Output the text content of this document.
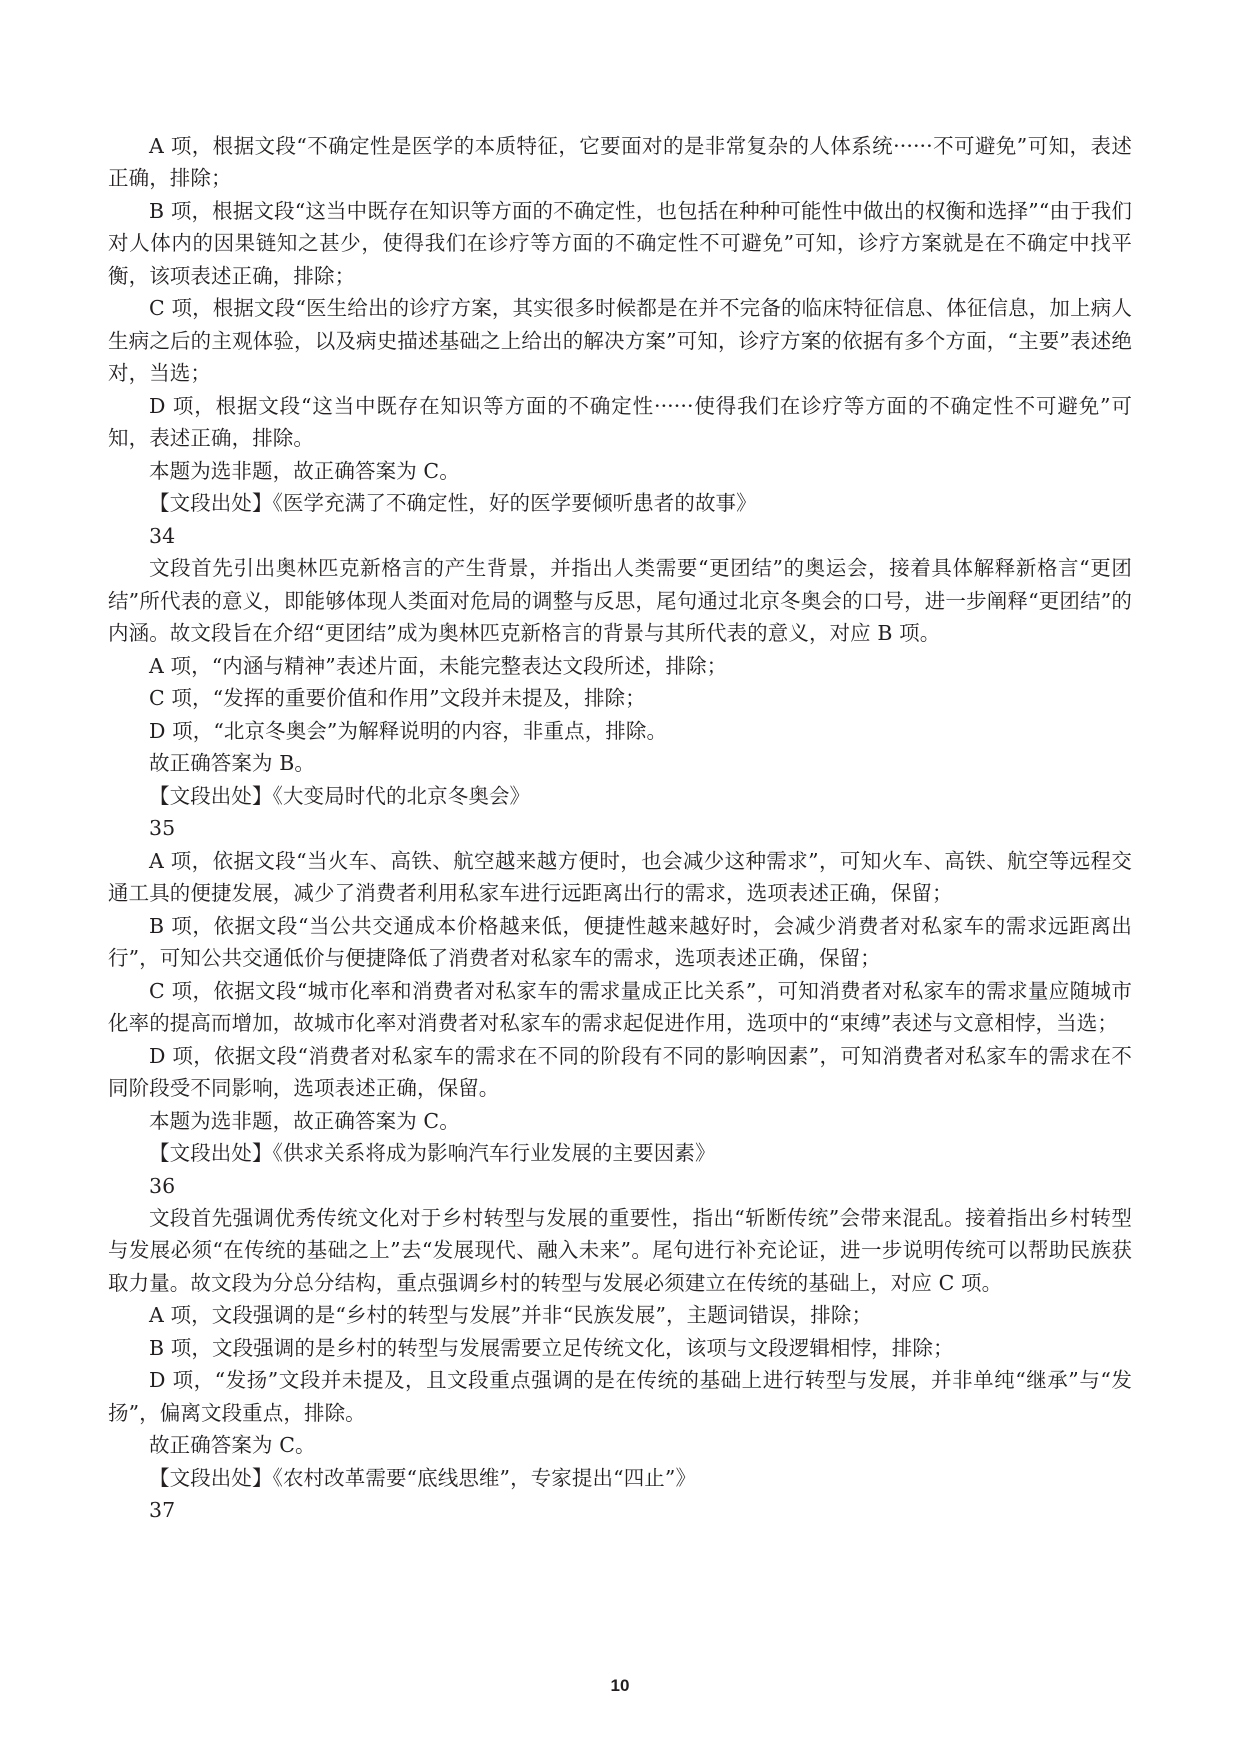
A 项，根据文段“不确定性是医学的本质特征，它要面对的是非常复杂的人体系统······不可避免”可知，表述正确，排除；

B 项，根据文段“这当中既存在知识等方面的不确定性，也包括在种种可能性中做出的权衡和选择”“由于我们对人体内的因果链知之甚少，使得我们在诊疗等方面的不确定性不可避免”可知，诊疗方案就是在不确定中找平衡，该项表述正确，排除；

C 项，根据文段“医生给出的诊疗方案，其实很多时候都是在并不完备的临床特征信息、体征信息，加上病人生病之后的主观体验，以及病史描述基础之上给出的解决方案”可知，诊疗方案的依据有多个方面，“主要”表述绝对，当选；

D 项，根据文段“这当中既存在知识等方面的不确定性······使得我们在诊疗等方面的不确定性不可避免”可知，表述正确，排除。

本题为选非题，故正确答案为 C。

【文段出处】《医学充满了不确定性，好的医学要倾听患者的故事》

34

文段首先引出奥林匹克新格言的产生背景，并指出人类需要“更团结”的奥运会，接着具体解释新格言“更团结”所代表的意义，即能够体现人类面对危局的调整与反思，尾句通过北京冬奥会的口号，进一步阐释“更团结”的内涵。故文段旨在介绍“更团结”成为奥林匹克新格言的背景与其所代表的意义，对应 B 项。

A 项，“内涵与精神”表述片面，未能完整表达文段所述，排除；

C 项，“发挥的重要价值和作用”文段并未提及，排除；

D 项，“北京冬奥会”为解释说明的内容，非重点，排除。

故正确答案为 B。

【文段出处】《大变局时代的北京冬奥会》

35

A 项，依据文段“当火车、高铁、航空越来越方便时，也会减少这种需求”，可知火车、高铁、航空等远程交通工具的便捷发展，减少了消费者利用私家车进行远距离出行的需求，选项表述正确，保留；

B 项，依据文段“当公共交通成本价格越来低，便捷性越来越好时，会减少消费者对私家车的需求远距离出行”，可知公共交通低价与便捷降低了消费者对私家车的需求，选项表述正确，保留；

C 项，依据文段“城市化率和消费者对私家车的需求量成正比关系”，可知消费者对私家车的需求量应随城市化率的提高而增加，故城市化率对消费者对私家车的需求起促进作用，选项中的“束缚”表述与文意相悖，当选；

D 项，依据文段“消费者对私家车的需求在不同的阶段有不同的影响因素”，可知消费者对私家车的需求在不同阶段受不同影响，选项表述正确，保留。

本题为选非题，故正确答案为 C。

【文段出处】《供求关系将成为影响汽车行业发展的主要因素》

36

文段首先强调优秀传统文化对于乡村转型与发展的重要性，指出“斩断传统”会带来混乱。接着指出乡村转型与发展必须“在传统的基础之上”去“发展现代、融入未来”。尾句进行补充论证，进一步说明传统可以帮助民族获取力量。故文段为分总分结构，重点强调乡村的转型与发展必须建立在传统的基础上，对应 C 项。

A 项，文段强调的是“乡村的转型与发展”并非“民族发展”，主题词错误，排除；

B 项，文段强调的是乡村的转型与发展需要立足传统文化，该项与文段逻辑相悖，排除；

D 项，“发扬”文段并未提及，且文段重点强调的是在传统的基础上进行转型与发展，并非单纯“继承”与“发扬”，偏离文段重点，排除。

故正确答案为 C。

【文段出处】《农村改革需要“底线思维”，专家提出“四止”》

37

10
